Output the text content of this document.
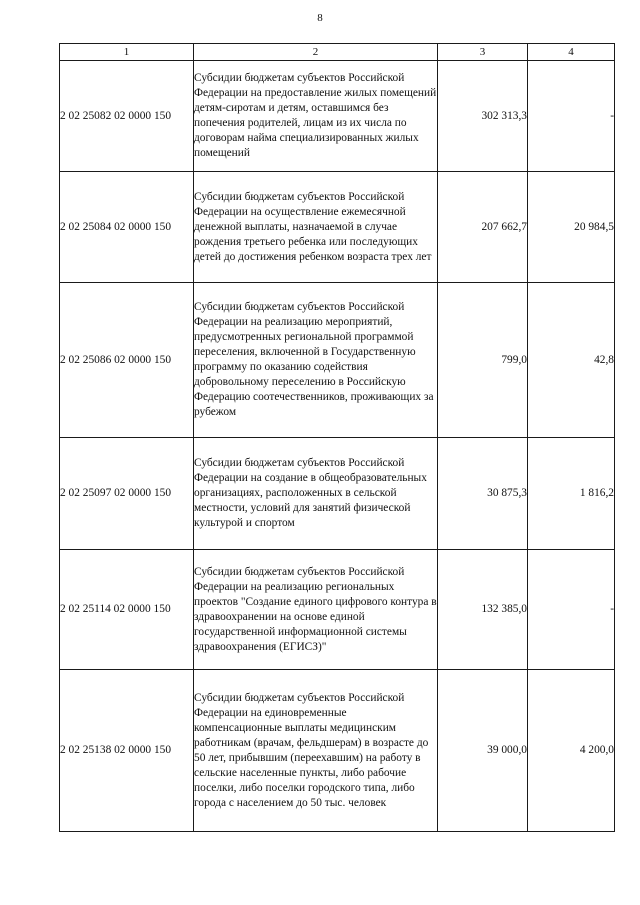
8
1	2	3	4
2 02 25082 02 0000 150	Субсидии бюджетам субъектов Российской Федерации на предоставление жилых помещений детям-сиротам и детям, оставшимся без попечения родителей, лицам из их числа по договорам найма специализированных жилых помещений	302 313,3	-
2 02 25084 02 0000 150	Субсидии бюджетам субъектов Российской Федерации на осуществление ежемесячной денежной выплаты, назначаемой в случае рождения третьего ребенка или последующих детей до достижения ребенком возраста трех лет	207 662,7	20 984,5
2 02 25086 02 0000 150	Субсидии бюджетам субъектов Российской Федерации на реализацию мероприятий, предусмотренных региональной программой переселения, включенной в Государственную программу по оказанию содействия добровольному переселению в Российскую Федерацию соотечественников, проживающих за рубежом	799,0	42,8
2 02 25097 02 0000 150	Субсидии бюджетам субъектов Российской Федерации на создание в общеобразовательных организациях, расположенных в сельской местности, условий для занятий физической культурой и спортом	30 875,3	1 816,2
2 02 25114 02 0000 150	Субсидии бюджетам субъектов Российской Федерации на реализацию региональных проектов "Создание единого цифрового контура в здравоохранении на основе единой государственной информационной системы здравоохранения (ЕГИСЗ)"	132 385,0	-
2 02 25138 02 0000 150	Субсидии бюджетам субъектов Российской Федерации на единовременные компенсационные выплаты медицинским работникам (врачам, фельдшерам) в возрасте до 50 лет, прибывшим (переехавшим) на работу в сельские населенные пункты, либо рабочие поселки, либо поселки городского типа, либо города с населением до 50 тыс. человек	39 000,0	4 200,0
